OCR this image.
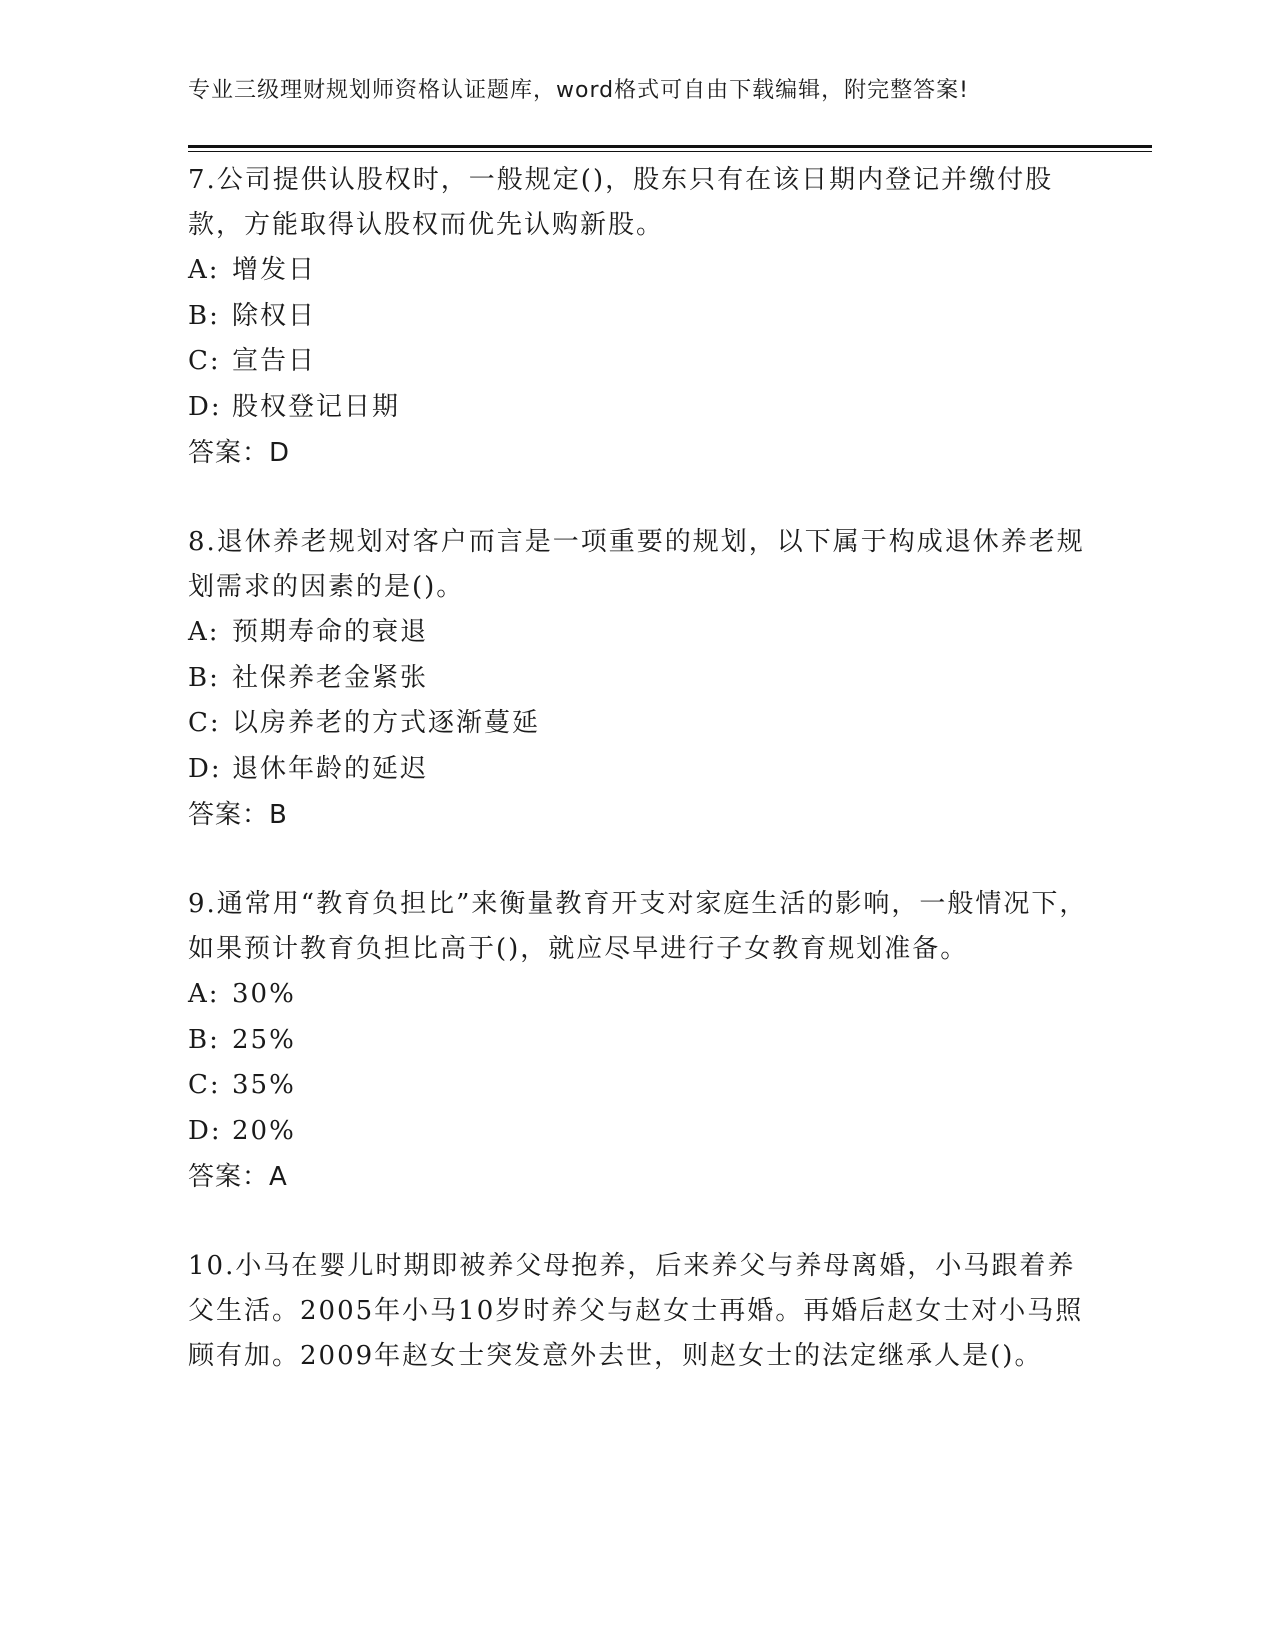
专业三级理财规划师资格认证题库，word格式可自由下载编辑，附完整答案!
7.公司提供认股权时，一般规定()，股东只有在该日期内登记并缴付股款，方能取得认股权而优先认购新股。
A: 增发日
B: 除权日
C: 宣告日
D: 股权登记日期
答案：D
8.退休养老规划对客户而言是一项重要的规划，以下属于构成退休养老规划需求的因素的是()。
A: 预期寿命的衰退
B: 社保养老金紧张
C: 以房养老的方式逐渐蔓延
D: 退休年龄的延迟
答案：B
9.通常用“教育负担比”来衡量教育开支对家庭生活的影响，一般情况下，如果预计教育负担比高于()，就应尽早进行子女教育规划准备。
A: 30%
B: 25%
C: 35%
D: 20%
答案：A
10.小马在婴儿时期即被养父母抱养，后来养父与养母离婚，小马跟着养父生活。2005年小马10岁时养父与赵女士再婚。再婚后赵女士对小马照顾有加。2009年赵女士突发意外去世，则赵女士的法定继承人是()。
